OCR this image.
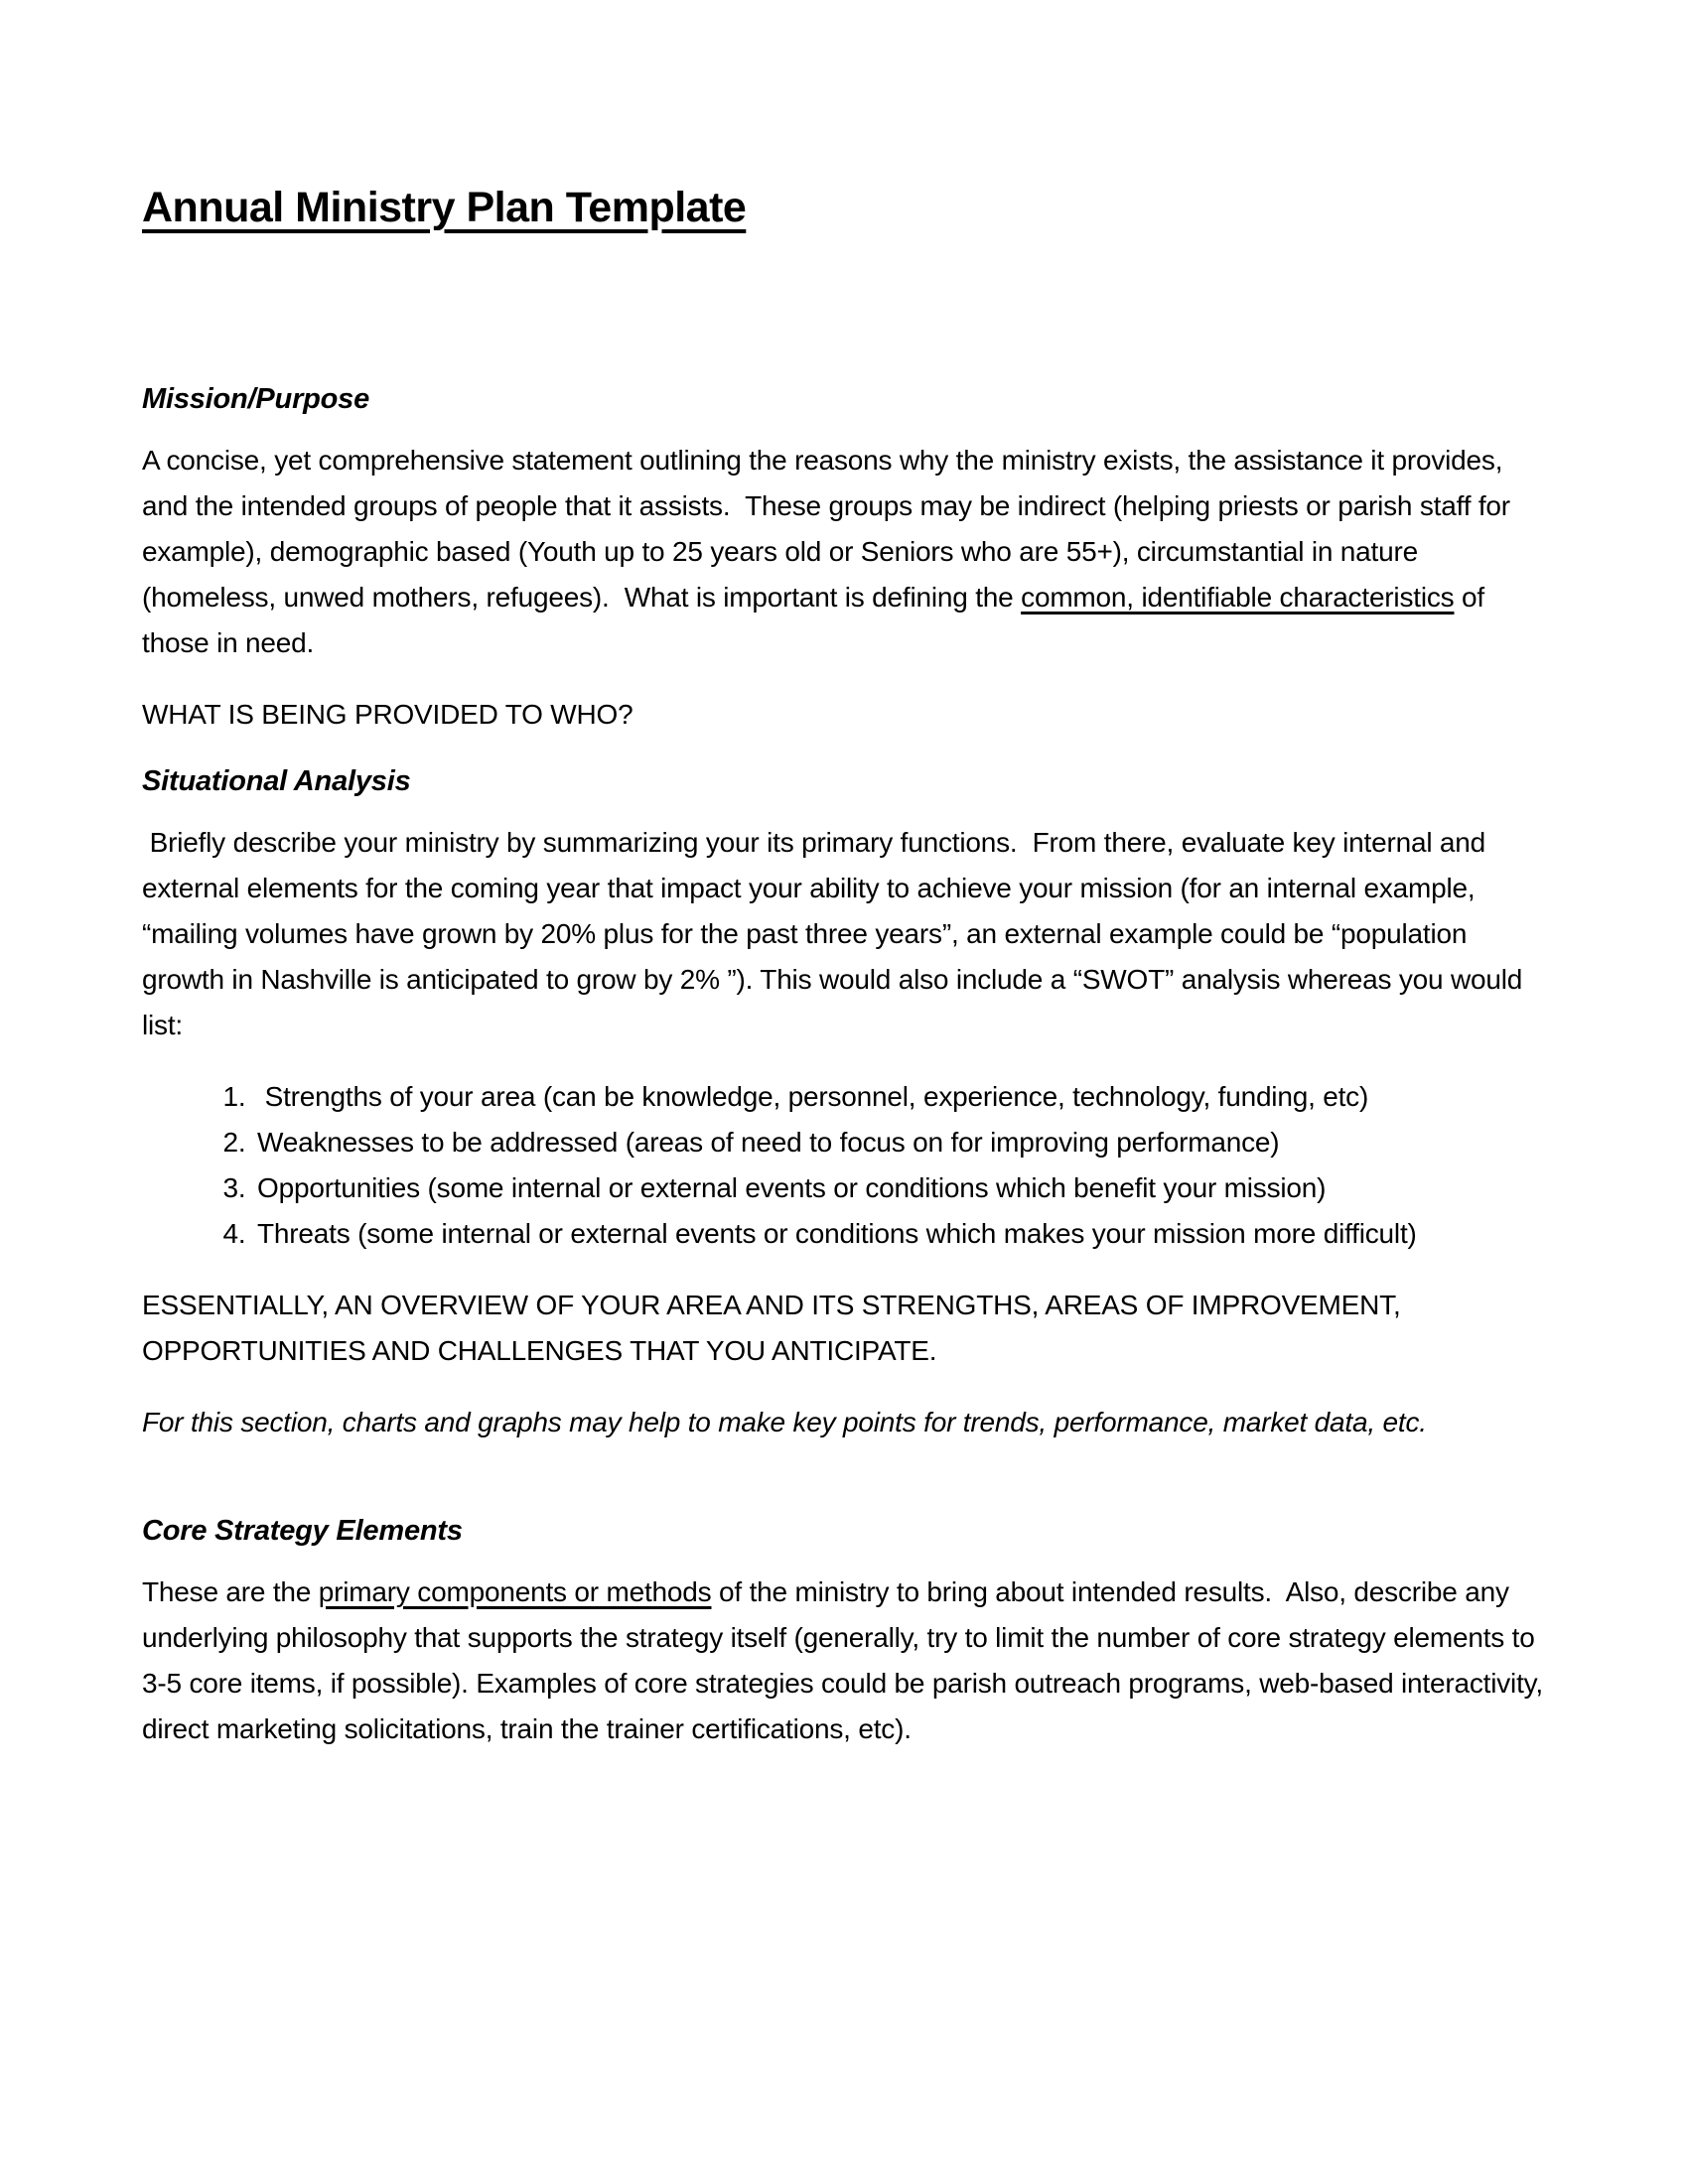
Annual Ministry Plan Template
Mission/Purpose

A concise, yet comprehensive statement outlining the reasons why the ministry exists, the assistance it provides, and the intended groups of people that it assists.  These groups may be indirect (helping priests or parish staff for example), demographic based (Youth up to 25 years old or Seniors who are 55+), circumstantial in nature (homeless, unwed mothers, refugees).  What is important is defining the common, identifiable characteristics of those in need.

WHAT IS BEING PROVIDED TO WHO?

Situational Analysis

Briefly describe your ministry by summarizing your its primary functions.  From there, evaluate key internal and external elements for the coming year that impact your ability to achieve your mission (for an internal example, “mailing volumes have grown by 20% plus for the past three years”, an external example could be “population growth in Nashville is anticipated to grow by 2% ”). This would also include a “SWOT” analysis whereas you would list:

1.  Strengths of your area (can be knowledge, personnel, experience, technology, funding, etc)
2. Weaknesses to be addressed (areas of need to focus on for improving performance)
3. Opportunities (some internal or external events or conditions which benefit your mission)
4. Threats (some internal or external events or conditions which makes your mission more difficult)

ESSENTIALLY, AN OVERVIEW OF YOUR AREA AND ITS STRENGTHS, AREAS OF IMPROVEMENT, OPPORTUNITIES AND CHALLENGES THAT YOU ANTICIPATE.

For this section, charts and graphs may help to make key points for trends, performance, market data, etc.

Core Strategy Elements

These are the primary components or methods of the ministry to bring about intended results.  Also, describe any underlying philosophy that supports the strategy itself (generally, try to limit the number of core strategy elements to 3-5 core items, if possible). Examples of core strategies could be parish outreach programs, web-based interactivity, direct marketing solicitations, train the trainer certifications, etc).
